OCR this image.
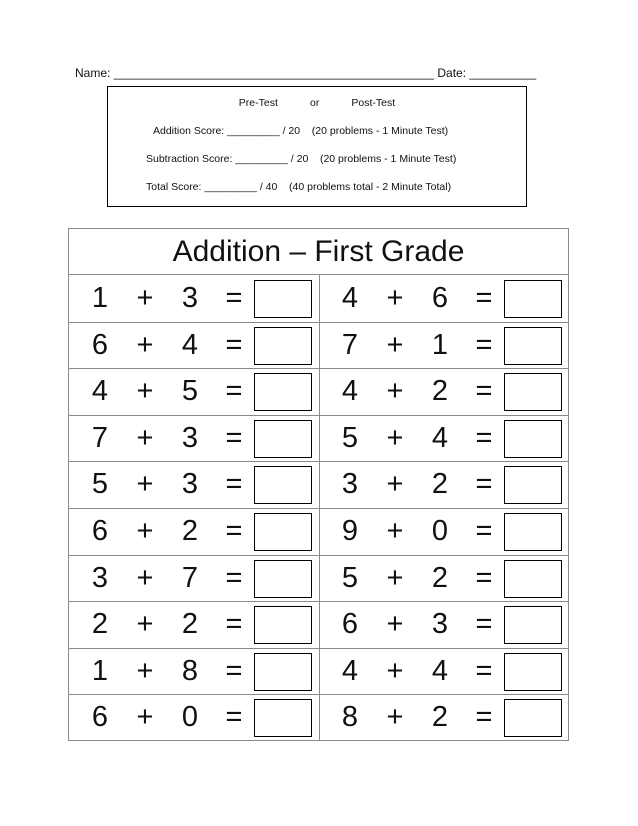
Name: ________________________________________________ Date: __________
Pre-Test	or	Post-Test
Addition Score: _________ / 20    (20 problems - 1 Minute Test)
Subtraction Score: _________ / 20    (20 problems - 1 Minute Test)
Total Score: _________ / 40    (40 problems total - 2 Minute Total)
Addition – First Grade
1 + 3 =
6 + 4 =
4 + 5 =
7 + 3 =
5 + 3 =
6 + 2 =
3 + 7 =
2 + 2 =
1 + 8 =
6 + 0 =
4 + 6 =
7 + 1 =
4 + 2 =
5 + 4 =
3 + 2 =
9 + 0 =
5 + 2 =
6 + 3 =
4 + 4 =
8 + 2 =
